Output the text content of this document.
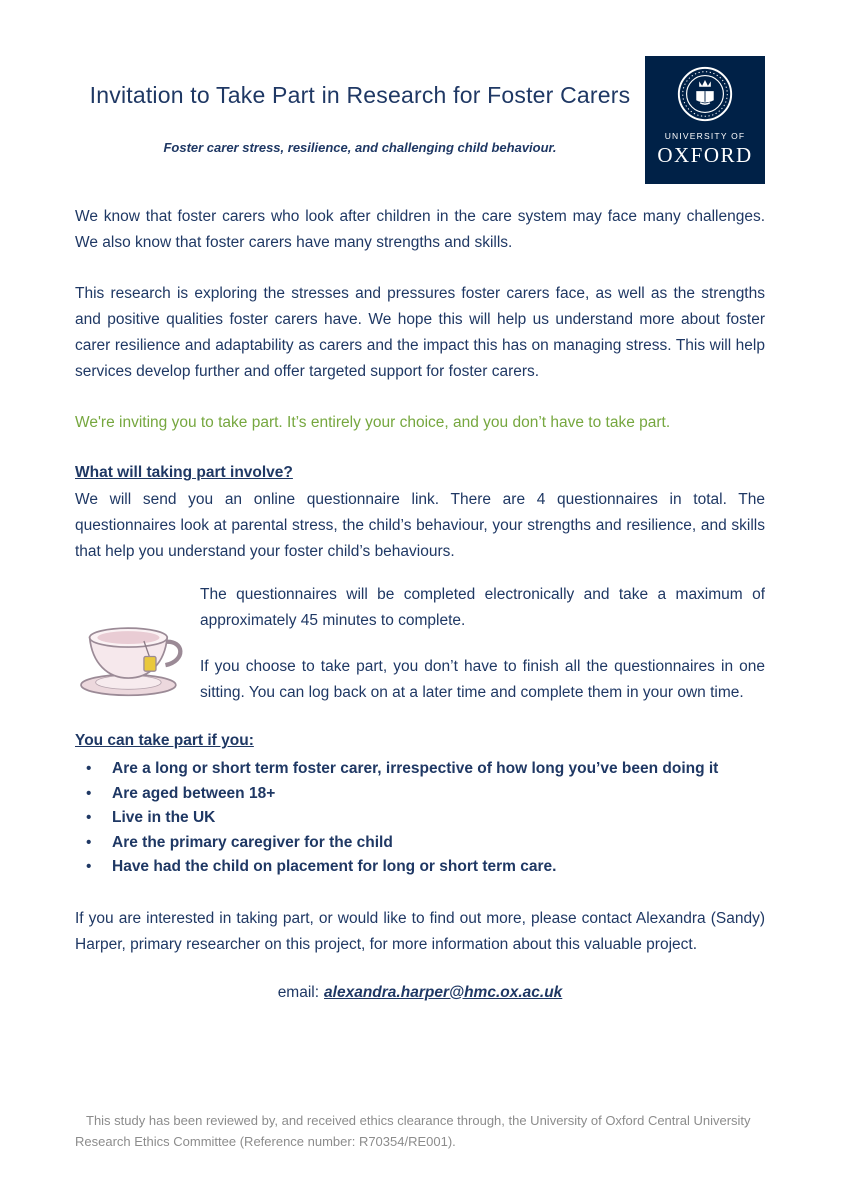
Invitation to Take Part in Research for Foster Carers
Foster carer stress, resilience, and challenging child behaviour.
UNIVERSITY OF
OXFORD

We know that foster carers who look after children in the care system may face many challenges. We also know that foster carers have many strengths and skills.

This research is exploring the stresses and pressures foster carers face, as well as the strengths and positive qualities foster carers have. We hope this will help us understand more about foster carer resilience and adaptability as carers and the impact this has on managing stress. This will help services develop further and offer targeted support for foster carers.

We're inviting you to take part. It’s entirely your choice, and you don’t have to take part.

What will taking part involve?

We will send you an online questionnaire link. There are 4 questionnaires in total. The questionnaires look at parental stress, the child’s behaviour, your strengths and resilience, and skills that help you understand your foster child’s behaviours.

The questionnaires will be completed electronically and take a maximum of approximately 45 minutes to complete.

If you choose to take part, you don’t have to finish all the questionnaires in one sitting. You can log back on at a later time and complete them in your own time.

You can take part if you:
• Are a long or short term foster carer, irrespective of how long you’ve been doing it
• Are aged between 18+
• Live in the UK
• Are the primary caregiver for the child
• Have had the child on placement for long or short term care.

If you are interested in taking part, or would like to find out more, please contact Alexandra (Sandy) Harper, primary researcher on this project, for more information about this valuable project.

email: alexandra.harper@hmc.ox.ac.uk
This study has been reviewed by, and received ethics clearance through, the University of Oxford Central University Research Ethics Committee (Reference number: R70354/RE001).
